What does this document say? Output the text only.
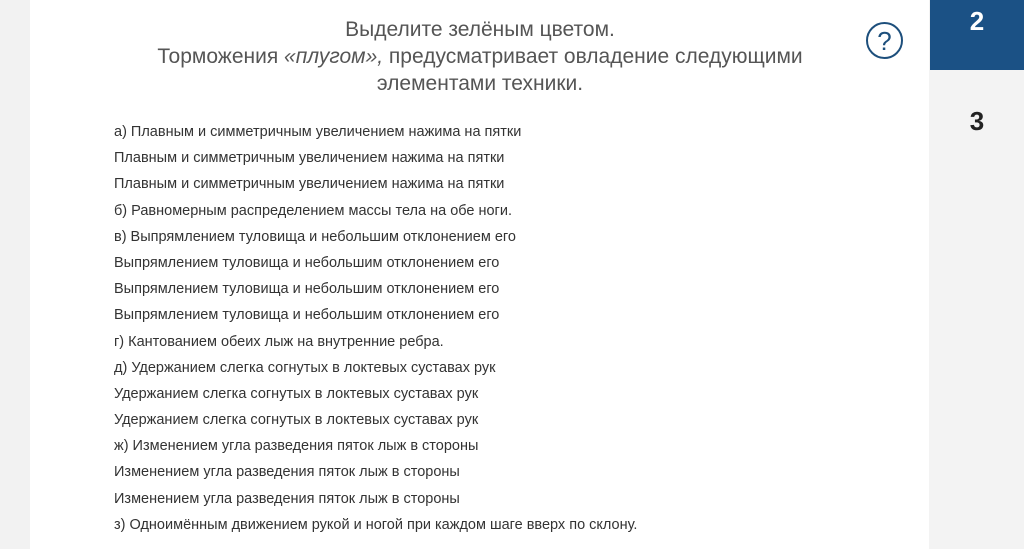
Выделите зелёным цветом.
Торможения «плугом», предусматривает овладение следующими
элементами техники.
?
а) Плавным и симметричным увеличением нажима на пятки
Плавным и симметричным увеличением нажима на пятки
Плавным и симметричным увеличением нажима на пятки
б) Равномерным распределением массы тела на обе ноги.
в) Выпрямлением туловища и небольшим отклонением его
Выпрямлением туловища и небольшим отклонением его
Выпрямлением туловища и небольшим отклонением его
Выпрямлением туловища и небольшим отклонением его
г) Кантованием обеих лыж на внутренние ребра.
д) Удержанием слегка согнутых в локтевых суставах рук
Удержанием слегка согнутых в локтевых суставах рук
Удержанием слегка согнутых в локтевых суставах рук
ж) Изменением угла разведения пяток лыж в стороны
Изменением угла разведения пяток лыж в стороны
Изменением угла разведения пяток лыж в стороны
з) Одноимённым движением рукой и ногой при каждом шаге вверх по склону.
2
3
